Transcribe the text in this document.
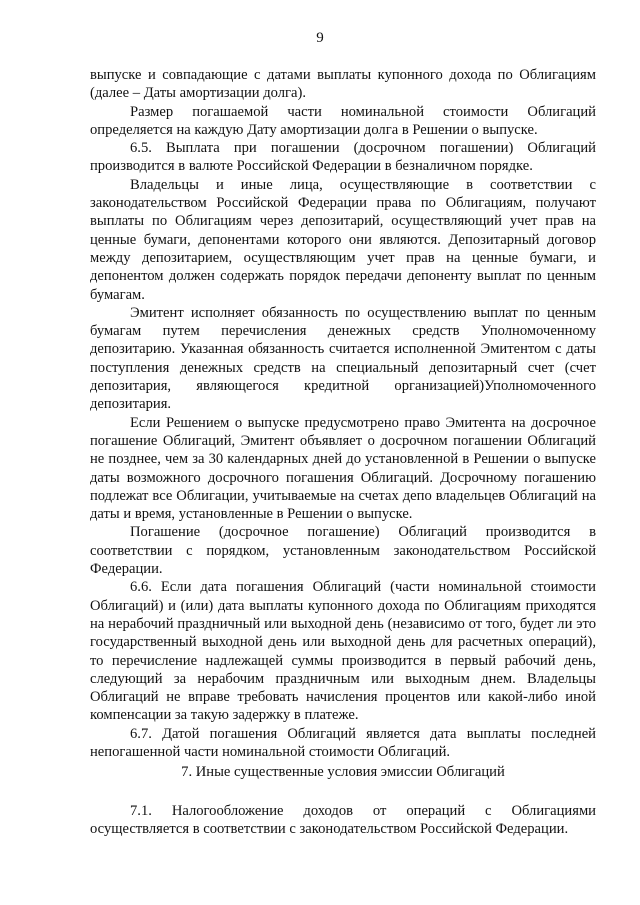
9

выпуске и совпадающие с датами выплаты купонного дохода по Облигациям (далее – Даты амортизации долга).

Размер погашаемой части номинальной стоимости Облигаций определяется на каждую Дату амортизации долга в Решении о выпуске.

6.5. Выплата при погашении (досрочном погашении) Облигаций производится в валюте Российской Федерации в безналичном порядке.

Владельцы и иные лица, осуществляющие в соответствии с законодательством Российской Федерации права по Облигациям, получают выплаты по Облигациям через депозитарий, осуществляющий учет прав на ценные бумаги, депонентами которого они являются. Депозитарный договор между депозитарием, осуществляющим учет прав на ценные бумаги, и депонентом должен содержать порядок передачи депоненту выплат по ценным бумагам.

Эмитент исполняет обязанность по осуществлению выплат по ценным бумагам путем перечисления денежных средств Уполномоченному депозитарию. Указанная обязанность считается исполненной Эмитентом с даты поступления денежных средств на специальный депозитарный счет (счет депозитария, являющегося кредитной организацией)Уполномоченного депозитария.

Если Решением о выпуске предусмотрено право Эмитента на досрочное погашение Облигаций, Эмитент объявляет о досрочном погашении Облигаций не позднее, чем за 30 календарных дней до установленной в Решении о выпуске даты возможного досрочного погашения Облигаций. Досрочному погашению подлежат все Облигации, учитываемые на счетах депо владельцев Облигаций на даты и время, установленные в Решении о выпуске.

Погашение (досрочное погашение) Облигаций производится в соответствии с порядком, установленным законодательством Российской Федерации.

6.6. Если дата погашения Облигаций (части номинальной стоимости Облигаций) и (или) дата выплаты купонного дохода по Облигациям приходятся на нерабочий праздничный или выходной день (независимо от того, будет ли это государственный выходной день или выходной день для расчетных операций), то перечисление надлежащей суммы производится в первый рабочий день, следующий за нерабочим праздничным или выходным днем. Владельцы Облигаций не вправе требовать начисления процентов или какой-либо иной компенсации за такую задержку в платеже.

6.7. Датой погашения Облигаций является дата выплаты последней непогашенной части номинальной стоимости Облигаций.

7. Иные существенные условия эмиссии Облигаций

7.1. Налогообложение доходов от операций с Облигациями осуществляется в соответствии с законодательством Российской Федерации.
